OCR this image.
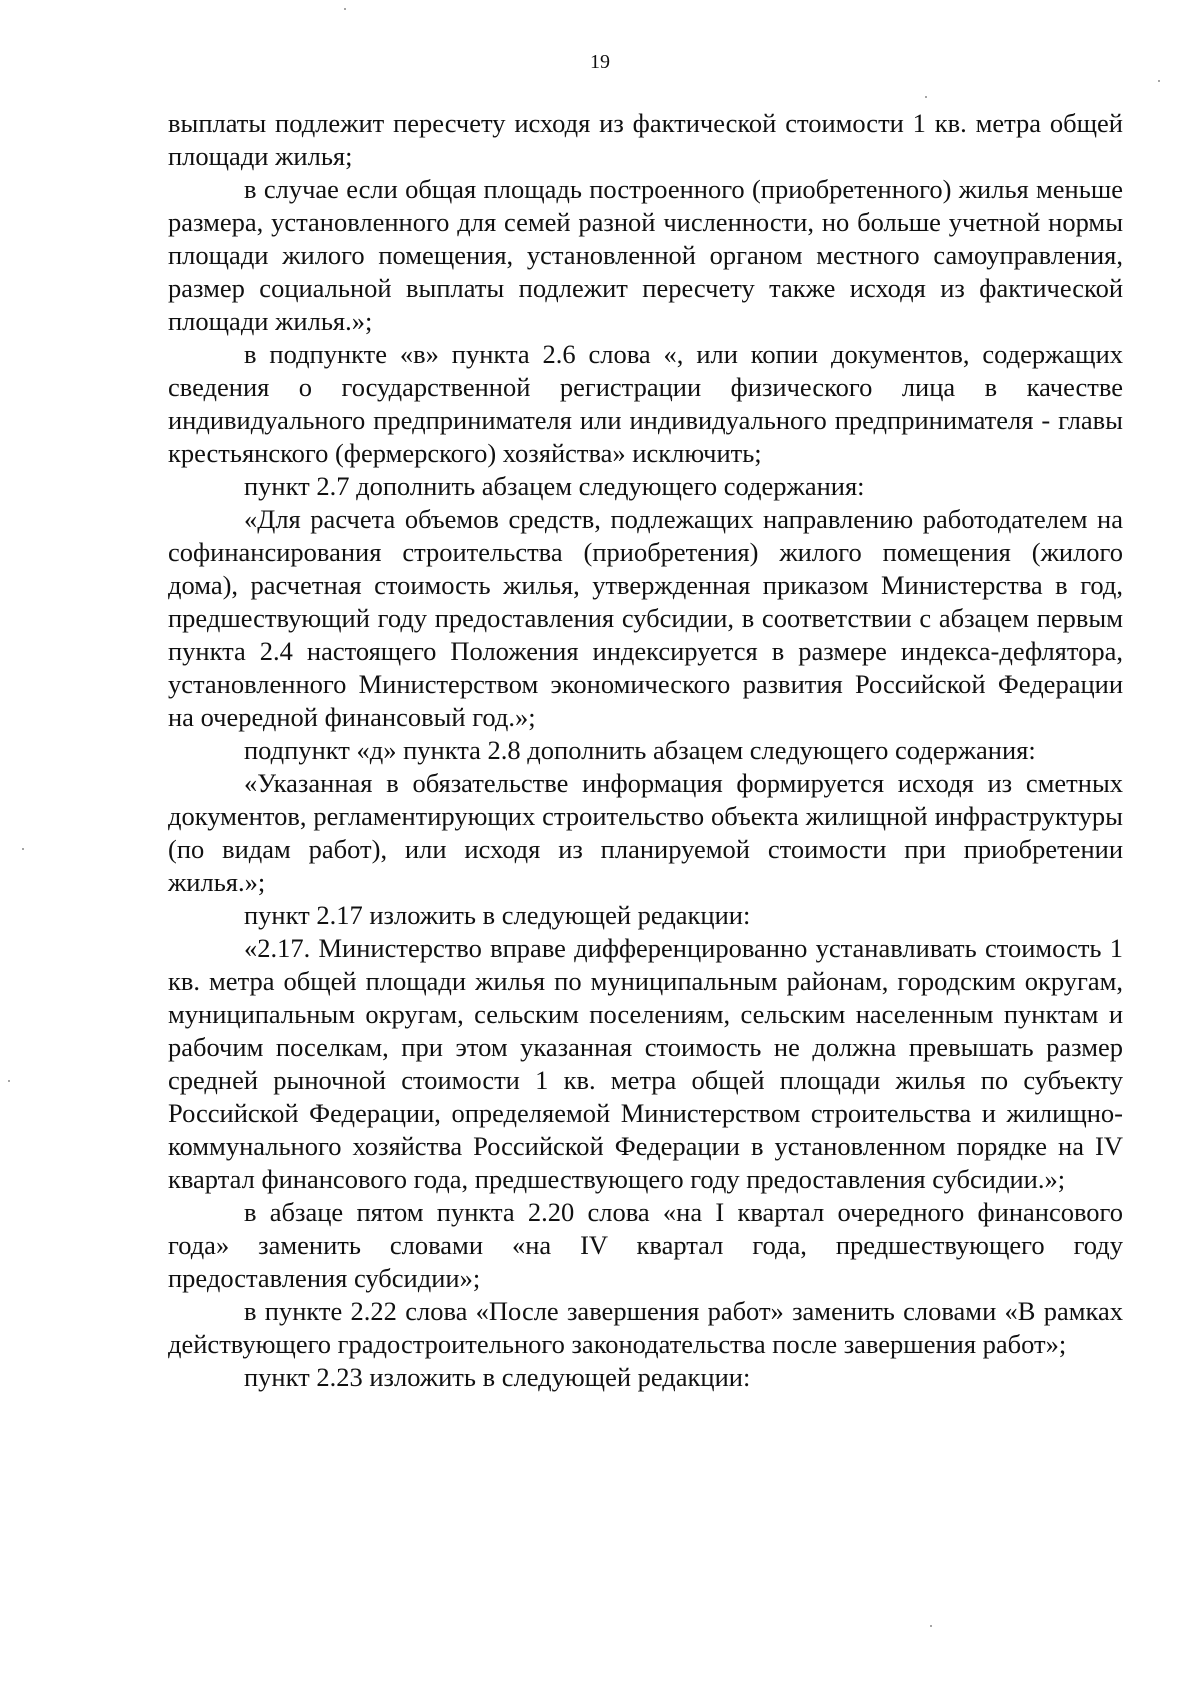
19

выплаты подлежит пересчету исходя из фактической стоимости 1 кв. метра общей площади жилья;

в случае если общая площадь построенного (приобретенного) жилья меньше размера, установленного для семей разной численности, но больше учетной нормы площади жилого помещения, установленной органом местного самоуправления, размер социальной выплаты подлежит пересчету также исходя из фактической площади жилья.»;

в подпункте «в» пункта 2.6 слова «, или копии документов, содержащих сведения о государственной регистрации физического лица в качестве индивидуального предпринимателя или индивидуального предпринимателя - главы крестьянского (фермерского) хозяйства» исключить;

пункт 2.7 дополнить абзацем следующего содержания:

«Для расчета объемов средств, подлежащих направлению работодателем на софинансирования строительства (приобретения) жилого помещения (жилого дома), расчетная стоимость жилья, утвержденная приказом Министерства в год, предшествующий году предоставления субсидии, в соответствии с абзацем первым пункта 2.4 настоящего Положения индексируется в размере индекса-дефлятора, установленного Министерством экономического развития Российской Федерации на очередной финансовый год.»;

подпункт «д» пункта 2.8 дополнить абзацем следующего содержания:

«Указанная в обязательстве информация формируется исходя из сметных документов, регламентирующих строительство объекта жилищной инфраструктуры (по видам работ), или исходя из планируемой стоимости при приобретении жилья.»;

пункт 2.17 изложить в следующей редакции:

«2.17. Министерство вправе дифференцированно устанавливать стоимость 1 кв. метра общей площади жилья по муниципальным районам, городским округам, муниципальным округам, сельским поселениям, сельским населенным пунктам и рабочим поселкам, при этом указанная стоимость не должна превышать размер средней рыночной стоимости 1 кв. метра общей площади жилья по субъекту Российской Федерации, определяемой Министерством строительства и жилищно-коммунального хозяйства Российской Федерации в установленном порядке на IV квартал финансового года, предшествующего году предоставления субсидии.»;

в абзаце пятом пункта 2.20 слова «на I квартал очередного финансового года» заменить словами «на IV квартал года, предшествующего году предоставления субсидии»;

в пункте 2.22 слова «После завершения работ» заменить словами «В рамках действующего градостроительного законодательства после завершения работ»;

пункт 2.23 изложить в следующей редакции:
